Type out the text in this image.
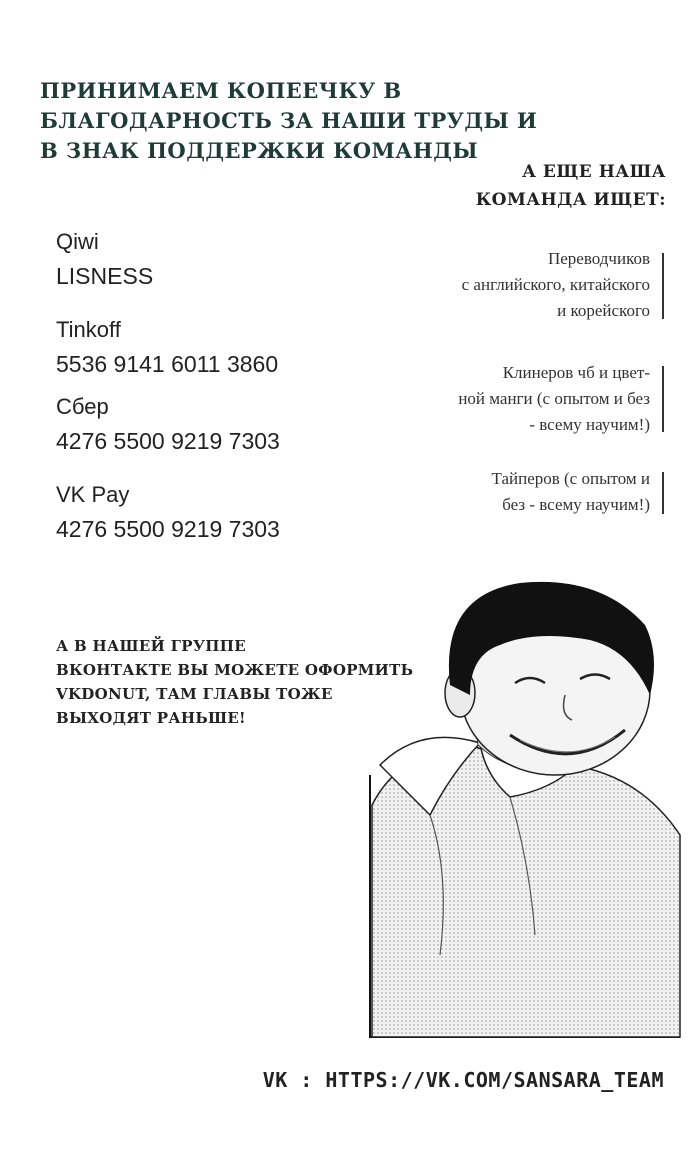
ПРИНИМАЕМ КОПЕЕЧКУ В
БЛАГОДАРНОСТЬ ЗА НАШИ ТРУДЫ И
В ЗНАК ПОДДЕРЖКИ КОМАНДЫ
Qiwi
LISNESS
Tinkoff
5536 9141 6011 3860
Сбер
4276 5500 9219 7303
VK Pay
4276 5500 9219 7303
А ЕЩЕ НАША
КОМАНДА ИЩЕТ:
Переводчиков
с английского, китайского
и корейского
Клинеров чб и цвет-
ной манги (с опытом и без
- всему научим!)
Тайперов (с опытом и
без - всему научим!)
А В НАШЕЙ ГРУППЕ
ВКОНТАКТЕ ВЫ МОЖЕТЕ ОФОРМИТЬ
VKDONUT, ТАМ ГЛАВЫ ТОЖЕ
ВЫХОДЯТ РАНЬШЕ!
VK : HTTPS://VK.COM/SANSARA_TEAM
